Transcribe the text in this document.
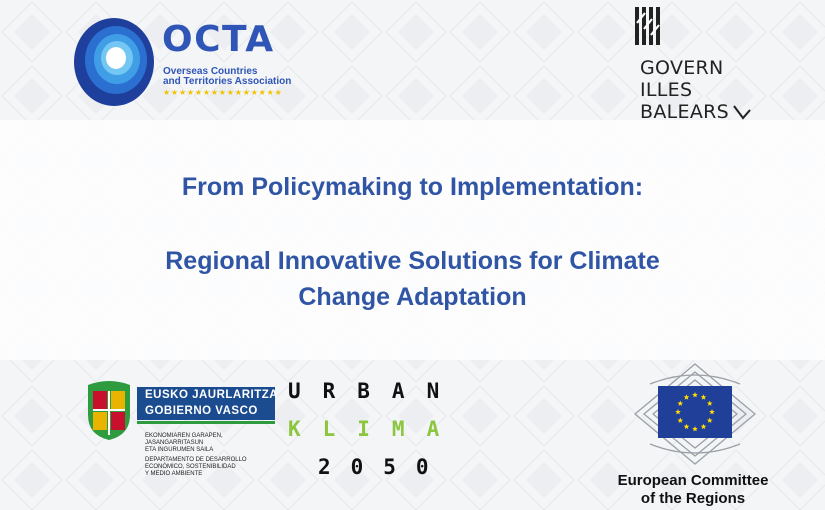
OCTA
Overseas Countries
and Territories Association
★★★★★★★★★★★★★★★
GOVERN
ILLES
BALEARS
From Policymaking to Implementation:
Regional Innovative Solutions for Climate
Change Adaptation
EUSKO JAURLARITZA
GOBIERNO VASCO
EKONOMIAREN GARAPEN,
JASANGARRITASUN
ETA INGURUMEN SAILA
DEPARTAMENTO DE DESARROLLO
ECONÓMICO, SOSTENIBILIDAD
Y MEDIO AMBIENTE
URBAN
KLIMA
2050
European Committee
of the Regions
